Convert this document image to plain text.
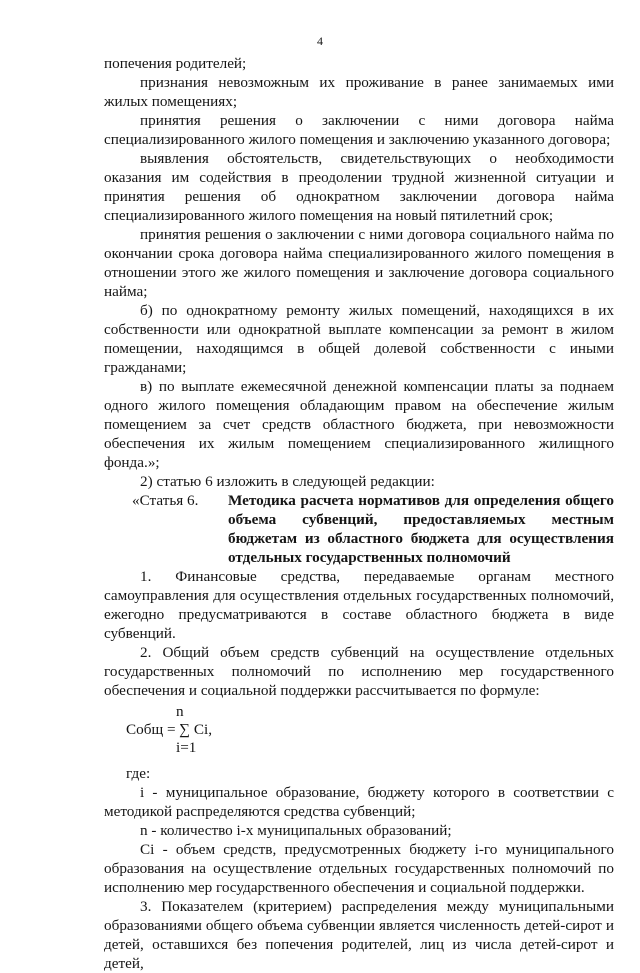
4

попечения родителей;

признания невозможным их проживание в ранее занимаемых ими жилых помещениях;

принятия решения о заключении с ними договора найма специализированного жилого помещения и заключению указанного договора;

выявления обстоятельств, свидетельствующих о необходимости оказания им содействия в преодолении трудной жизненной ситуации и принятия решения об однократном заключении договора найма специализированного жилого помещения на новый пятилетний срок;

принятия решения о заключении с ними договора социального найма по окончании срока договора найма специализированного жилого помещения в отношении этого же жилого помещения и заключение договора социального найма;

б) по однократному ремонту жилых помещений, находящихся в их собственности или однократной выплате компенсации за ремонт в жилом помещении, находящимся в общей долевой собственности с иными гражданами;

в) по выплате ежемесячной денежной компенсации платы за поднаем одного жилого помещения обладающим правом на обеспечение жилым помещением за счет средств областного бюджета, при невозможности обеспечения их жилым помещением специализированного жилищного фонда.»;

2) статью 6 изложить в следующей редакции:

«Статья 6.	Методика расчета нормативов для определения общего объема субвенций, предоставляемых местным бюджетам из областного бюджета для осуществления отдельных государственных полномочий

1. Финансовые средства, передаваемые органам местного самоуправления для осуществления отдельных государственных полномочий, ежегодно предусматриваются в составе областного бюджета в виде субвенций.

2. Общий объем средств субвенций на осуществление отдельных государственных полномочий по исполнению мер государственного обеспечения и социальной поддержки рассчитывается по формуле:

n
Cобщ = ∑ Ci,
i=1

где:

i - муниципальное образование, бюджету которого в соответствии с методикой распределяются средства субвенций;

n - количество i-х муниципальных образований;

Ci - объем средств, предусмотренных бюджету i-го муниципального образования на осуществление отдельных государственных полномочий по исполнению мер государственного обеспечения и социальной поддержки.

3. Показателем (критерием) распределения между муниципальными образованиями общего объема субвенции является численность детей-сирот и детей, оставшихся без попечения родителей, лиц из числа детей-сирот и детей,
